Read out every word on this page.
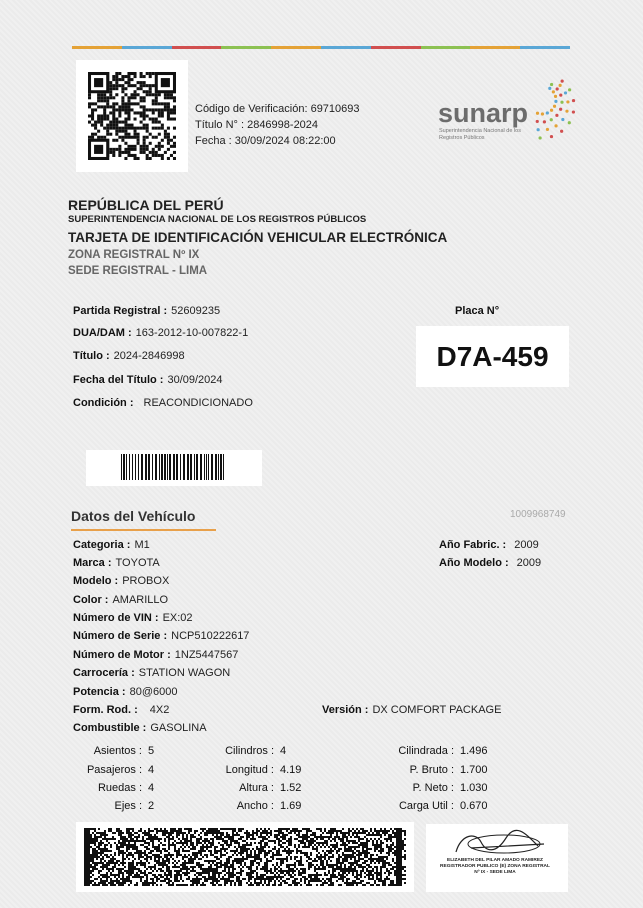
Código de Verificación: 69710693
Título N° : 2846998-2024
Fecha : 30/09/2024 08:22:00
sunarp
Superintendencia Nacional de los Registros Públicos
REPÚBLICA DEL PERÚ
SUPERINTENDENCIA NACIONAL DE LOS REGISTROS PÚBLICOS
TARJETA DE IDENTIFICACIÓN VEHICULAR ELECTRÓNICA
ZONA REGISTRAL Nº IX
SEDE REGISTRAL - LIMA
Partida Registral : 52609235
DUA/DAM : 163-2012-10-007822-1
Título : 2024-2846998
Fecha del Título : 30/09/2024
Condición : REACONDICIONADO
Placa N°
D7A-459
Datos del Vehículo	1009968749
Categoria : M1
Marca : TOYOTA
Modelo : PROBOX
Color : AMARILLO
Número de VIN : EX:02
Número de Serie : NCP510222617
Número de Motor : 1NZ5447567
Carrocería : STATION WAGON
Potencia : 80@6000
Form. Rod. : 4X2
Combustible : GASOLINA
Año Fabric. : 2009
Año Modelo : 2009
Versión : DX COMFORT PACKAGE
Asientos : 5
Pasajeros : 4
Ruedas : 4
Ejes : 2
Cilindros : 4
Longitud : 4.19
Altura : 1.52
Ancho : 1.69
Cilindrada : 1.496
P. Bruto : 1.700
P. Neto : 1.030
Carga Util : 0.670
ELIZABETH DEL PILAR AMADO RAMIREZ REGISTRADOR PUBLICO (E) ZONA REGISTRAL Nº IX - SEDE LIMA
